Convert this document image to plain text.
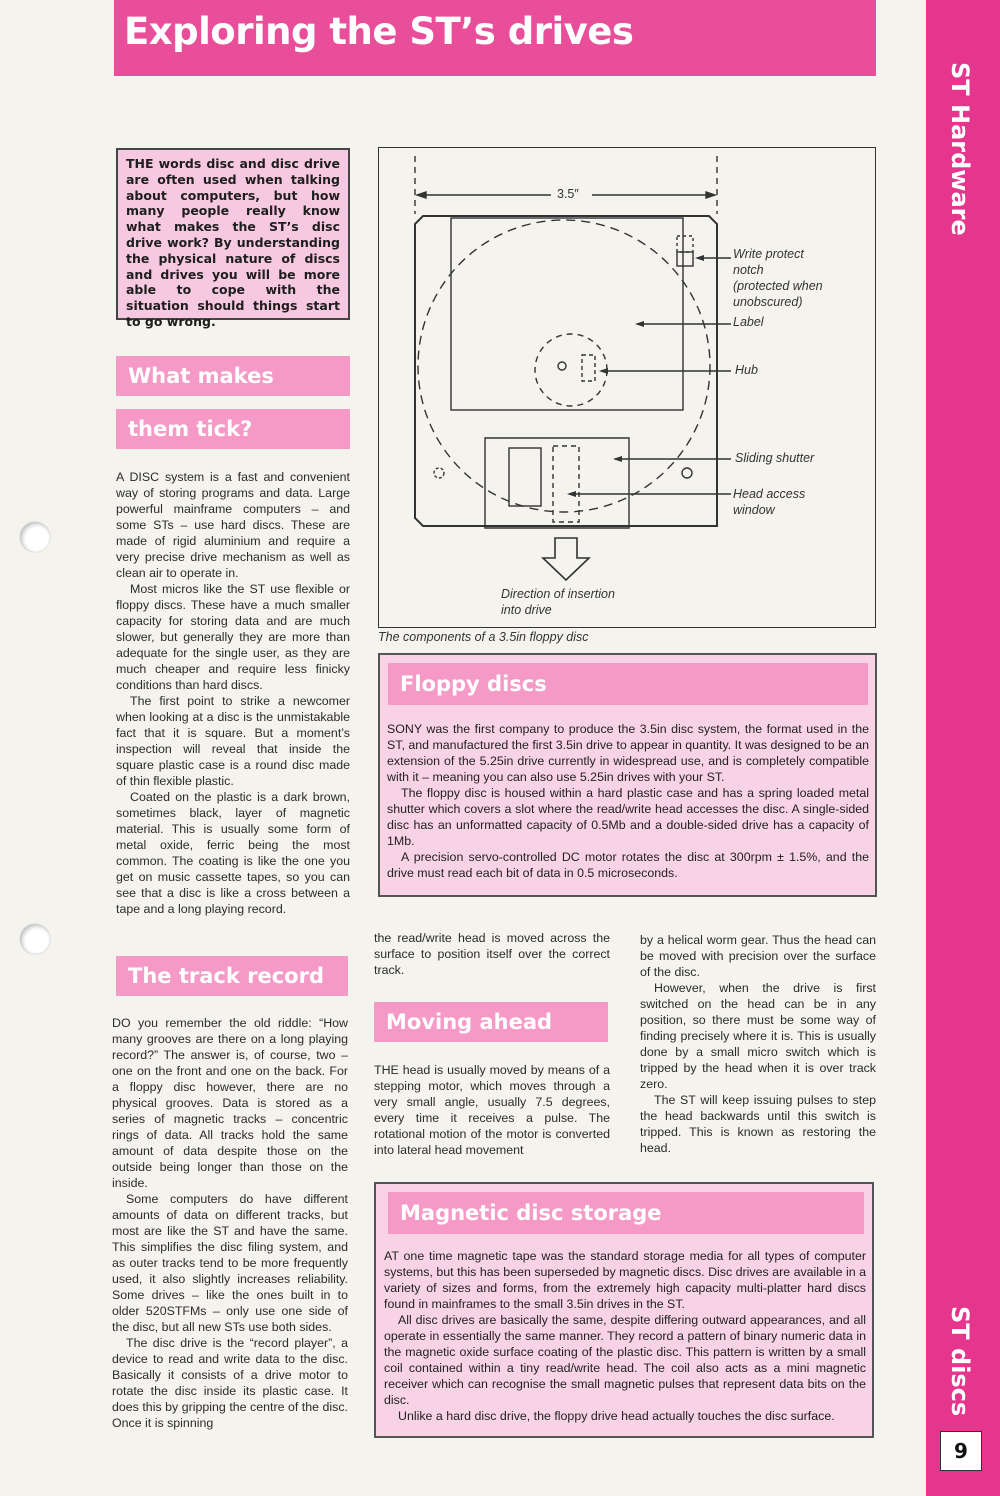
Exploring the ST’s drives
ST Hardware
ST discs
9
THE words disc and disc drive are often used when talking about computers, but how many people really know what makes the ST’s disc drive work? By understanding the physical nature of discs and drives you will be more able to cope with the situation should things start to go wrong.
What makes
them tick?

A DISC system is a fast and convenient way of storing programs and data. Large powerful mainframe computers – and some STs – use hard discs. These are made of rigid aluminium and require a very precise drive mechanism as well as clean air to operate in.

Most micros like the ST use flexible or floppy discs. These have a much smaller capacity for storing data and are much slower, but generally they are more than adequate for the single user, as they are much cheaper and require less finicky conditions than hard discs.

The first point to strike a newcomer when looking at a disc is the unmistakable fact that it is square. But a moment’s inspection will reveal that inside the square plastic case is a round disc made of thin flexible plastic.

Coated on the plastic is a dark brown, sometimes black, layer of magnetic material. This is usually some form of metal oxide, ferric being the most common. The coating is like the one you get on music cassette tapes, so you can see that a disc is like a cross between a tape and a long playing record.

The track record

DO you remember the old riddle: “How many grooves are there on a long playing record?” The answer is, of course, two – one on the front and one on the back. For a floppy disc however, there are no physical grooves. Data is stored as a series of magnetic tracks – concentric rings of data. All tracks hold the same amount of data despite those on the outside being longer than those on the inside.

Some computers do have different amounts of data on different tracks, but most are like the ST and have the same. This simplifies the disc filing system, and as outer tracks tend to be more frequently used, it also slightly increases reliability. Some drives – like the ones built in to older 520STFMs – only use one side of the disc, but all new STs use both sides.

The disc drive is the “record player”, a device to read and write data to the disc. Basically it consists of a drive motor to rotate the disc inside its plastic case. It does this by gripping the centre of the disc. Once it is spinning

3.5″
Write protect
notch
(protected when
unobscured)
Label
Hub
Sliding shutter
Head access
window
Direction of insertion
into drive
The components of a 3.5in floppy disc
Floppy discs

SONY was the first company to produce the 3.5in disc system, the format used in the ST, and manufactured the first 3.5in drive to appear in quantity. It was designed to be an extension of the 5.25in drive currently in widespread use, and is completely compatible with it – meaning you can also use 5.25in drives with your ST.

The floppy disc is housed within a hard plastic case and has a spring loaded metal shutter which covers a slot where the read/write head accesses the disc. A single-sided disc has an unformatted capacity of 0.5Mb and a double-sided drive has a capacity of 1Mb.

A precision servo-controlled DC motor rotates the disc at 300rpm ± 1.5%, and the drive must read each bit of data in 0.5 microseconds.

the read/write head is moved across the surface to position itself over the correct track.

Moving ahead

THE head is usually moved by means of a stepping motor, which moves through a very small angle, usually 7.5 degrees, every time it receives a pulse. The rotational motion of the motor is converted into lateral head movement

by a helical worm gear. Thus the head can be moved with precision over the surface of the disc.

However, when the drive is first switched on the head can be in any position, so there must be some way of finding precisely where it is. This is usually done by a small micro switch which is tripped by the head when it is over track zero.

The ST will keep issuing pulses to step the head backwards until this switch is tripped. This is known as restoring the head.

Magnetic disc storage

AT one time magnetic tape was the standard storage media for all types of computer systems, but this has been superseded by magnetic discs. Disc drives are available in a variety of sizes and forms, from the extremely high capacity multi-platter hard discs found in mainframes to the small 3.5in drives in the ST.

All disc drives are basically the same, despite differing outward appearances, and all operate in essentially the same manner. They record a pattern of binary numeric data in the magnetic oxide surface coating of the plastic disc. This pattern is written by a small coil contained within a tiny read/write head. The coil also acts as a mini magnetic receiver which can recognise the small magnetic pulses that represent data bits on the disc.

Unlike a hard disc drive, the floppy drive head actually touches the disc surface.
